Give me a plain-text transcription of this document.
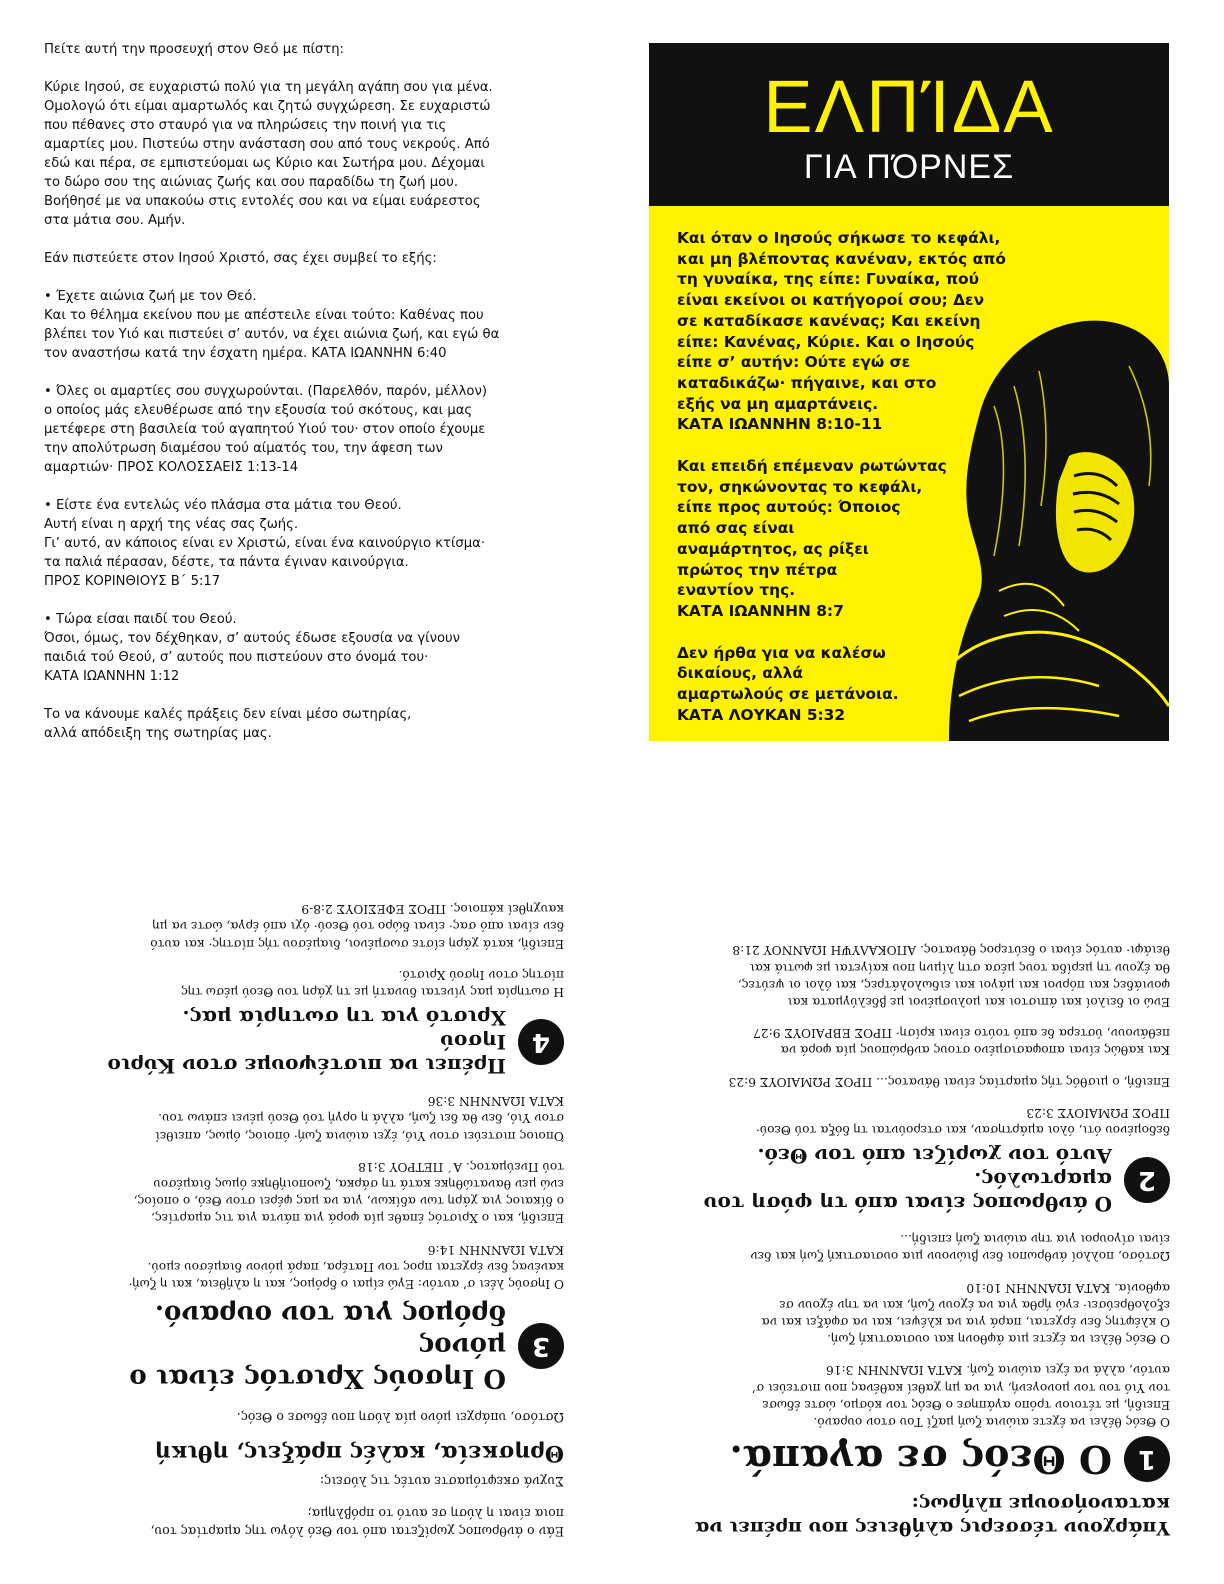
Πείτε αυτή την προσευχή στον Θεό με πίστη:

Κύριε Ιησού, σε ευχαριστώ πολύ για τη μεγάλη αγάπη σου για μένα.
Ομολογώ ότι είμαι αμαρτωλός και ζητώ συγχώρεση. Σε ευχαριστώ
που πέθανες στο σταυρό για να πληρώσεις την ποινή για τις
αμαρτίες μου. Πιστεύω στην ανάσταση σου από τους νεκρούς. Από
εδώ και πέρα, σε εμπιστεύομαι ως Κύριο και Σωτήρα μου. Δέχομαι
το δώρο σου της αιώνιας ζωής και σου παραδίδω τη ζωή μου.
Βοήθησέ με να υπακούω στις εντολές σου και να είμαι ευάρεστος
στα μάτια σου. Αμήν.

Εάν πιστεύετε στον Ιησού Χριστό, σας έχει συμβεί το εξής:

• Έχετε αιώνια ζωή με τον Θεό.
Και το θέλημα εκείνου που με απέστειλε είναι τούτο: Καθένας που
βλέπει τον Υιό και πιστεύει σ’ αυτόν, να έχει αιώνια ζωή, και εγώ θα
τον αναστήσω κατά την έσχατη ημέρα. ΚΑΤΑ ΙΩΑΝΝΗΝ 6:40

• Όλες οι αμαρτίες σου συγχωρούνται. (Παρελθόν, παρόν, μέλλον)
ο οποίος μάς ελευθέρωσε από την εξουσία τού σκότους, και μας
μετέφερε στη βασιλεία τού αγαπητού Υιού του· στον οποίο έχουμε
την απολύτρωση διαμέσου τού αίματός του, την άφεση των
αμαρτιών· ΠΡΟΣ ΚΟΛΟΣΣΑΕΙΣ 1:13-14

• Είστε ένα εντελώς νέο πλάσμα στα μάτια του Θεού.
Αυτή είναι η αρχή της νέας σας ζωής.
Γι’ αυτό, αν κάποιος είναι εν Χριστώ, είναι ένα καινούργιο κτίσμα·
τα παλιά πέρασαν, δέστε, τα πάντα έγιναν καινούργια.
ΠΡΟΣ ΚΟΡΙΝΘΙΟΥΣ Β΄ 5:17

• Τώρα είσαι παιδί του Θεού.
Όσοι, όμως, τον δέχθηκαν, σ’ αυτούς έδωσε εξουσία να γίνουν
παιδιά τού Θεού, σ’ αυτούς που πιστεύουν στο όνομά του·
ΚΑΤΑ ΙΩΑΝΝΗΝ 1:12

Το να κάνουμε καλές πράξεις δεν είναι μέσο σωτηρίας,
αλλά απόδειξη της σωτηρίας μας.

ΕΛΠΊΔΑ
ΓΙΑ ΠΌΡΝΕΣ

Και όταν ο Ιησούς σήκωσε το κεφάλι,
και μη βλέποντας κανέναν, εκτός από
τη γυναίκα, της είπε: Γυναίκα, πού
είναι εκείνοι οι κατήγοροί σου; Δεν
σε καταδίκασε κανένας; Και εκείνη
είπε: Κανένας, Κύριε. Και ο Ιησούς
είπε σ’ αυτήν: Ούτε εγώ σε
καταδικάζω· πήγαινε, και στο
εξής να μη αμαρτάνεις.
ΚΑΤΑ ΙΩΑΝΝΗΝ 8:10-11

Και επειδή επέμεναν ρωτώντας
τον, σηκώνοντας το κεφάλι,
είπε προς αυτούς: Όποιος
από σας είναι
αναμάρτητος, ας ρίξει
πρώτος την πέτρα
εναντίον της.
ΚΑΤΑ ΙΩΑΝΝΗΝ 8:7

Δεν ήρθα για να καλέσω
δικαίους, αλλά
αμαρτωλούς σε μετάνοια.
ΚΑΤΑ ΛΟΥΚΑΝ 5:32

Υπάρχουν τέσσερις αλήθειες που πρέπει να
κατανοήσουμε πλήρως:

1
Ο Θεός σε αγαπά.

Ο Θεός θέλει να έχετε αιώνια ζωή μαζί Του στον ουρανό.
Επειδή, με τέτοιον τρόπο αγάπησε ο Θεός τον κόσμο, ώστε έδωσε
τον Υιό του τον μονογενή, για να μη χαθεί καθένας που πιστεύει σ’
αυτόν, αλλά να έχει αιώνια ζωή. ΚΑΤΑ ΙΩΑΝΝΗΝ 3:16

Ο Θεός θέλει να έχετε μια άφθονη και ουσιαστική ζωή.
Ο κλέφτης δεν έρχεται, παρά για να κλέψει, και να σφάξει και να
εξολοθρεύσει· εγώ ήρθα για να έχουν ζωή, και να την έχουν σε
αφθονία. ΚΑΤΑ ΙΩΑΝΝΗΝ 10:10

Ωστόσο, πολλοί άνθρωποι δεν βιώνουν μια ουσιαστική ζωή και δεν
είναι σίγουροι για την αιώνια ζωή επειδή...

2
Ο άνθρωπος είναι από τη φύση του αμαρτωλός.
Αυτό τον χωρίζει από τον Θεό.

δεδομένου ότι, όλοι αμάρτησαν, και στερούνται τη δόξα τού Θεού·
ΠΡΟΣ ΡΩΜΑΙΟΥΣ 3:23

Επειδή, ο μισθός τής αμαρτίας είναι θάνατος... ΠΡΟΣ ΡΩΜΑΙΟΥΣ 6:23

Και καθώς είναι αποφασισμένο στους ανθρώπους μία φορά να
πεθάνουν, ύστερα δε από τούτο είναι κρίση· ΠΡΟΣ ΕΒΡΑΙΟΥΣ 9:27

Ενώ οι δειλοί και άπιστοι και μολυσμένοι με βδελύγματα και
φονιάδες και πόρνοι και μάγοι και ειδωλολάτρες, και όλοι οι ψεύτες,
θα έχουν τη μερίδα τους μέσα στη λίμνη που καίγεται με φωτιά και
θειάφι· αυτός είναι ο δεύτερος θάνατος. ΑΠΟΚΑΛΥΨΗ ΙΩΑΝΝΟΥ 21:8

Εάν ο άνθρωπος χωρίζεται από τον Θεό λόγω της αμαρτίας του,
ποια είναι η λύση σε αυτό το πρόβλημα;

Συχνά σκεφτόμαστε αυτές τις λύσεις:

Θρησκεία, καλές πράξεις, ηθική

Ωστόσο, υπάρχει μόνο μία λύση που έδωσε ο Θεός.

3
Ο Ιησούς Χριστός είναι ο μόνος
δρόμος για τον ουρανό.

Ο Ιησούς λέει σ’ αυτόν: Εγώ είμαι ο δρόμος, και η αλήθεια, και η ζωή·
κανένας δεν έρχεται προς τον Πατέρα, παρά μόνον διαμέσου εμού.
ΚΑΤΑ ΙΩΑΝΝΗΝ 14:6

Επειδή, και ο Χριστός έπαθε μία φορά για πάντα για τις αμαρτίες,
ο δίκαιος για χάρη των αδίκων, για να μας φέρει στον Θεό, ο οποίος,
ενώ μεν θανατώθηκε κατά τη σάρκα, ζωοποιήθηκε όμως διαμέσου
τού Πνεύματος. Α΄ ΠΕΤΡΟΥ 3:18

Όποιος πιστεύει στον Υιό, έχει αιώνια ζωή· όποιος, όμως, απειθεί
στον Υιό, δεν θα δει ζωή, αλλά η οργή τού Θεού μένει επάνω του.
ΚΑΤΑ ΙΩΑΝΝΗΝ 3:36

4
Πρέπει να πιστέψουμε στον Κύριο Ιησού
Χριστό για τη σωτηρία μας.

Η σωτηρία μας γίνεται δυνατή με τη χάρη του Θεού μέσω της
πίστης στον Ιησού Χριστό.

Επειδή, κατά χάρη είστε σωσμένοι, διαμέσου τής πίστης· και αυτό
δεν είναι από σας· είναι δώρο τού Θεού· όχι από έργα, ώστε να μη
καυχηθεί κάποιος. ΠΡΟΣ ΕΦΕΣΙΟΥΣ 2:8-9
